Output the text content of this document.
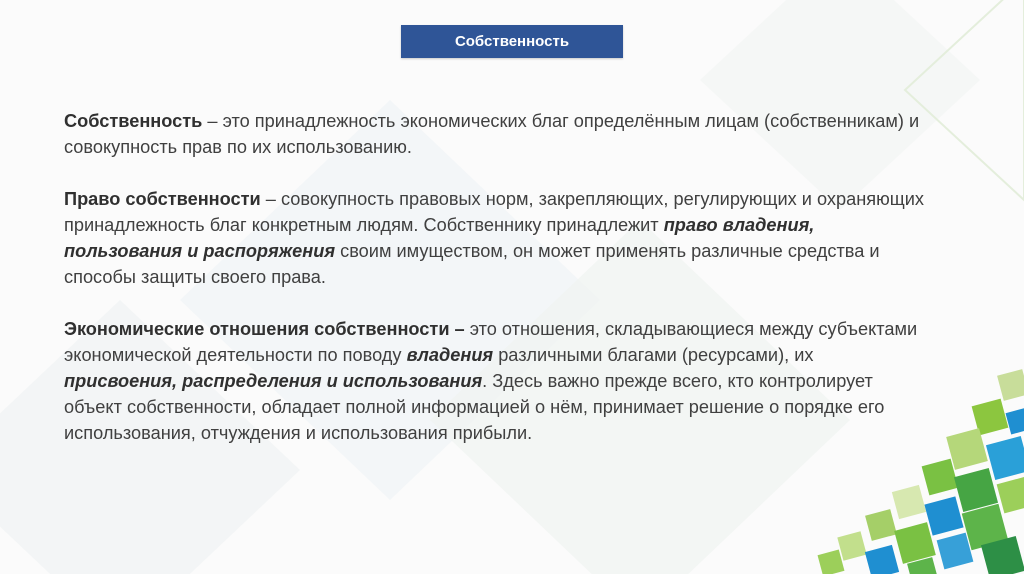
Собственность

Собственность – это принадлежность экономических благ определённым лицам (собственникам) и совокупность прав по их использованию.

Право собственности – совокупность правовых норм, закрепляющих, регулирующих и охраняющих принадлежность благ конкретным людям. Собственнику принадлежит право владения, пользования и распоряжения своим имуществом, он может применять различные средства и способы защиты своего права.

Экономические отношения собственности – это отношения, складывающиеся между субъектами экономической деятельности по поводу владения различными благами (ресурсами), их присвоения, распределения и использования. Здесь важно прежде всего, кто контролирует объект собственности, обладает полной информацией о нём, принимает решение о порядке его использования, отчуждения и использования прибыли.
